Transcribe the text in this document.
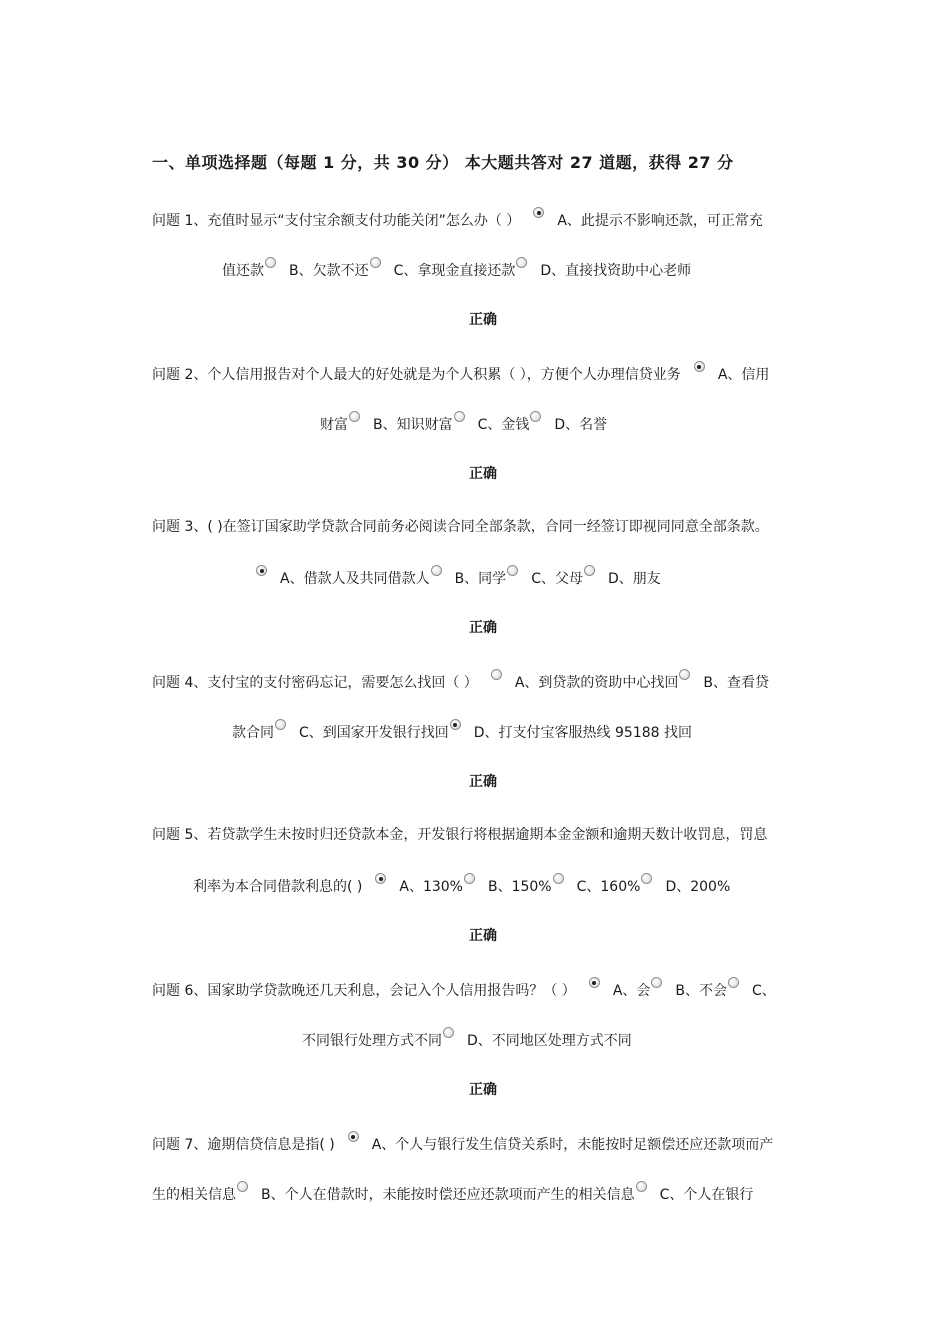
一、单项选择题（每题 1 分，共 30 分） 本大题共答对 27 道题，获得 27 分
问题 1、充值时显示“支付宝余额支付功能关闭”怎么办（ ）	A、此提示不影响还款，可正常充
值还款 B、欠款不还 C、拿现金直接还款 D、直接找资助中心老师
正确
问题 2、个人信用报告对个人最大的好处就是为个人积累（ ），方便个人办理信贷业务	A、信用
财富 B、知识财富 C、金钱 D、名誉
正确
问题 3、( )在签订国家助学贷款合同前务必阅读合同全部条款，合同一经签订即视同同意全部条款。
A、借款人及共同借款人 B、同学 C、父母 D、朋友
正确
问题 4、支付宝的支付密码忘记，需要怎么找回（ ）	A、到贷款的资助中心找回 B、查看贷
款合同 C、到国家开发银行找回 D、打支付宝客服热线 95188 找回
正确
问题 5、若贷款学生未按时归还贷款本金，开发银行将根据逾期本金金额和逾期天数计收罚息，罚息
利率为本合同借款利息的( )	A、130% B、150% C、160% D、200%
正确
问题 6、国家助学贷款晚还几天利息，会记入个人信用报告吗？（ ）	A、会 B、不会 C、
不同银行处理方式不同 D、不同地区处理方式不同
正确
问题 7、逾期信贷信息是指( )	A、个人与银行发生信贷关系时，未能按时足额偿还应还款项而产
生的相关信息 B、个人在借款时，未能按时偿还应还款项而产生的相关信息 C、个人在银行
